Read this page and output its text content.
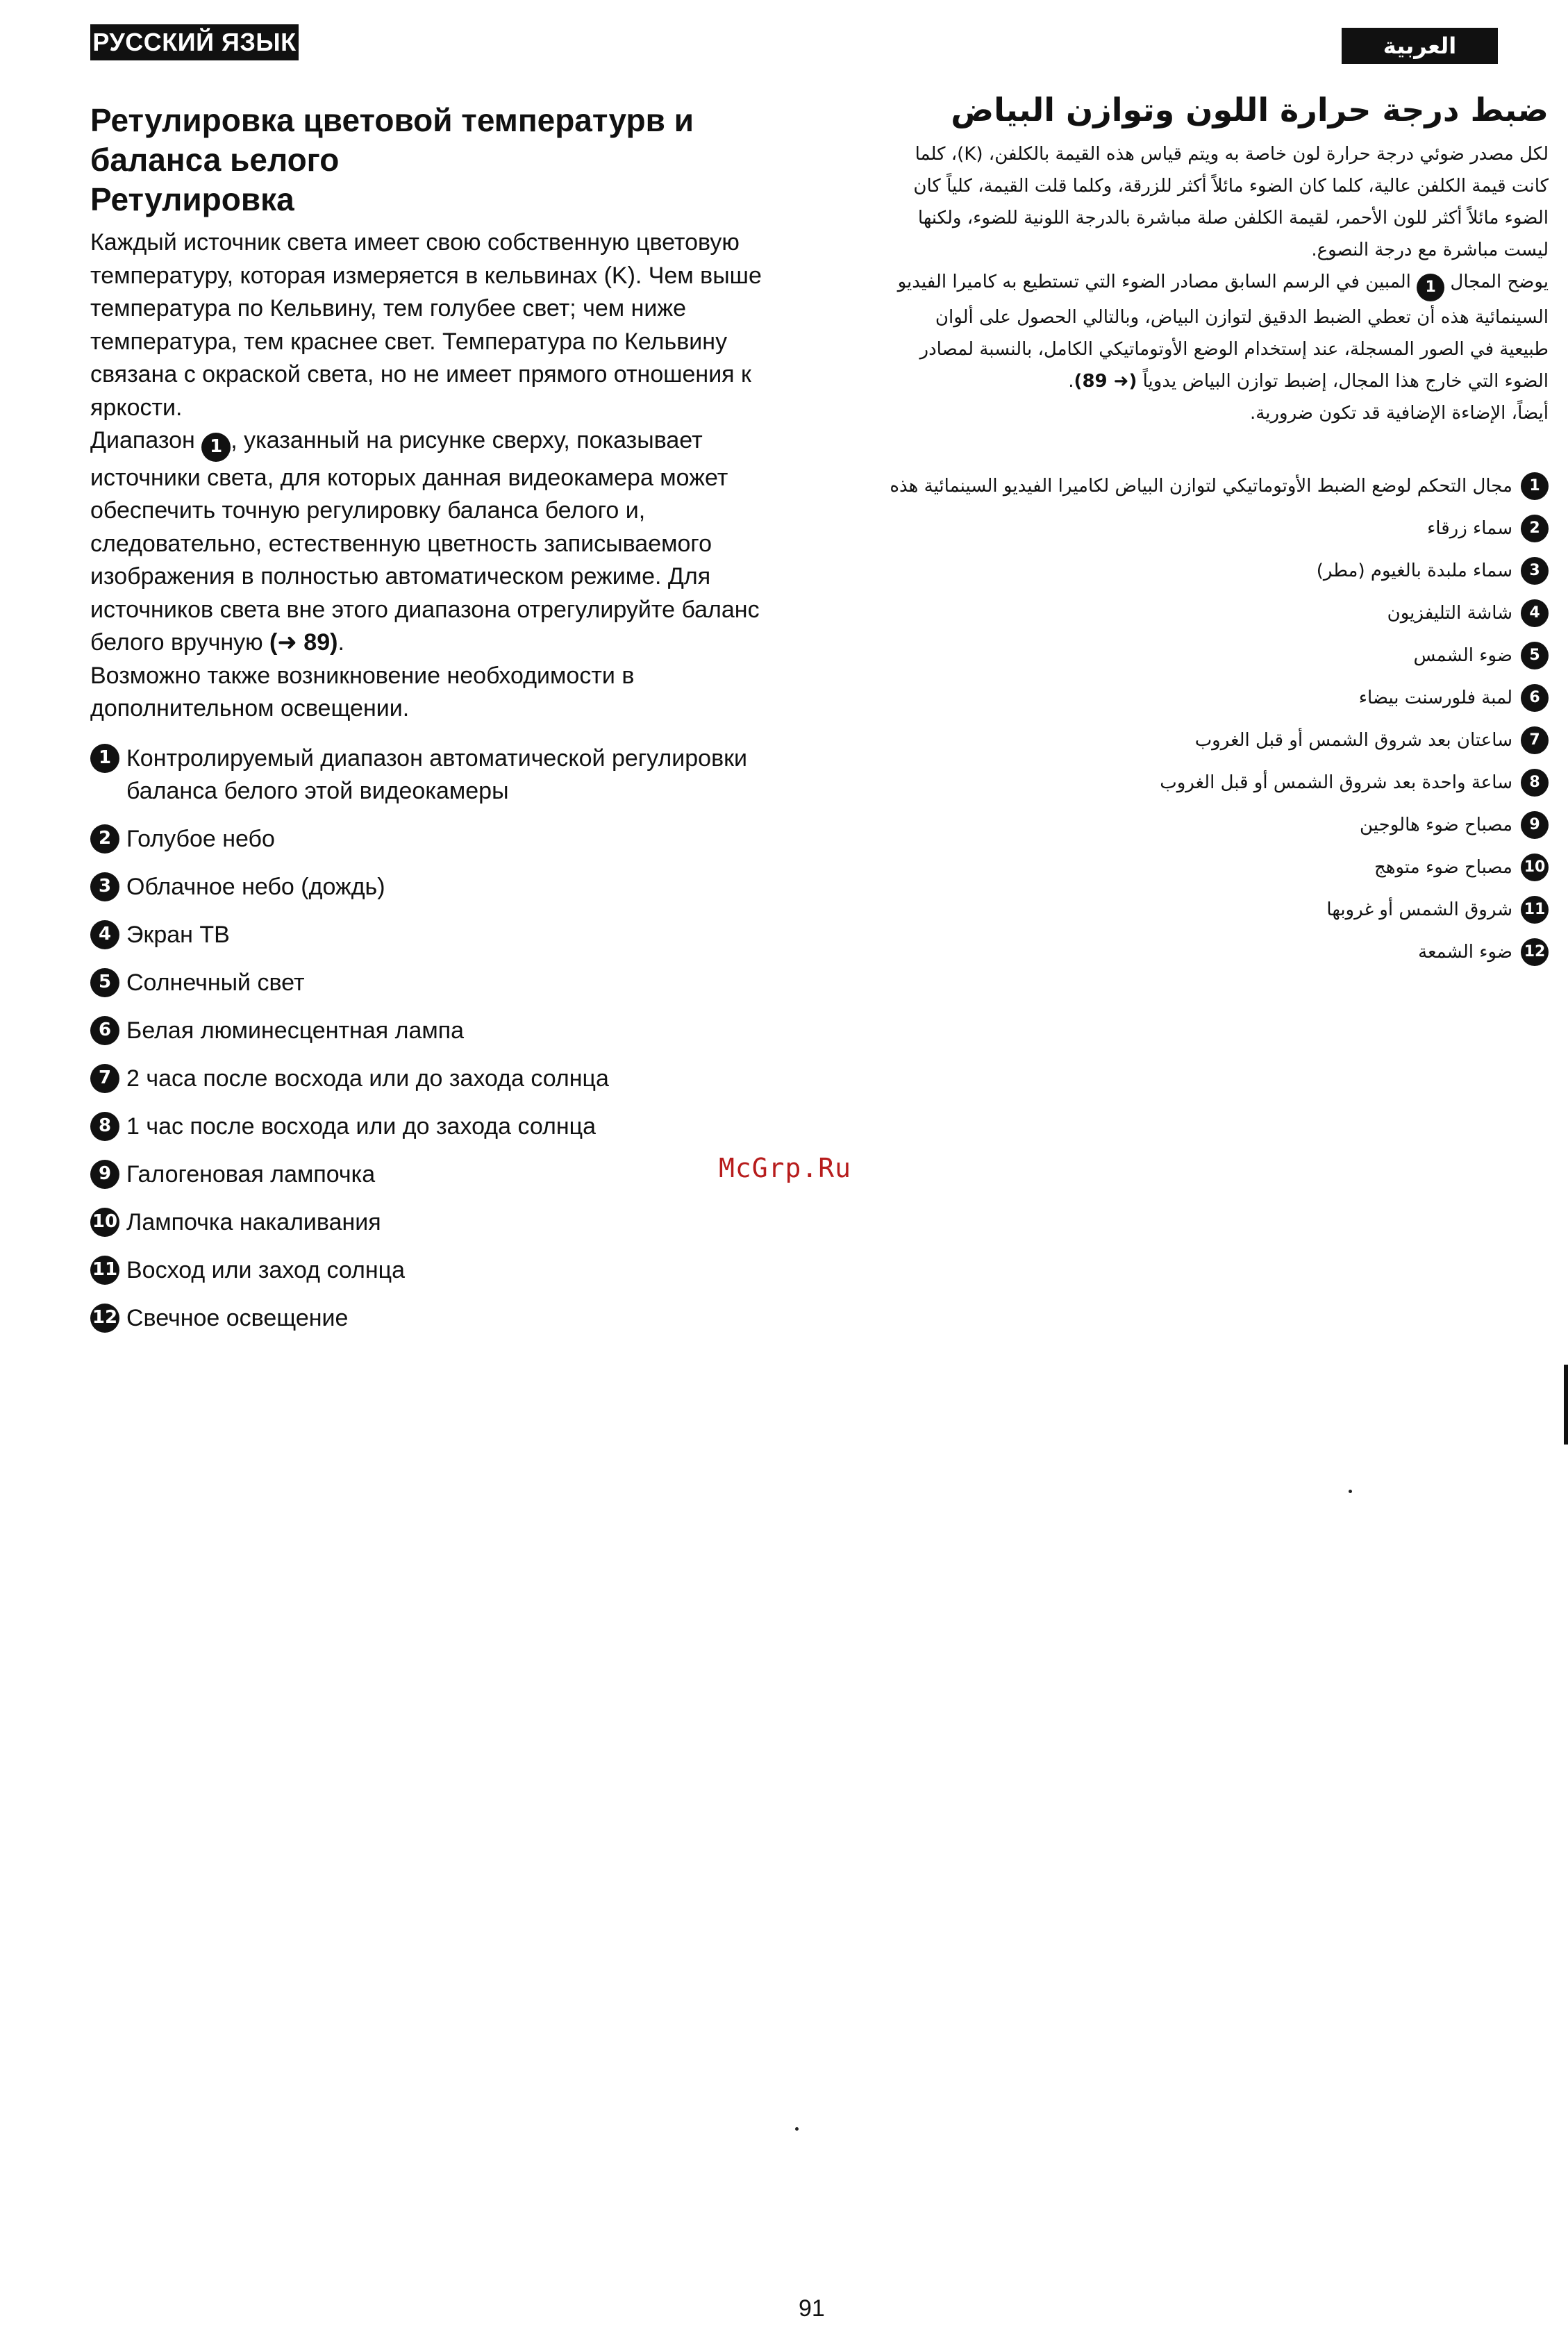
РУССКИЙ ЯЗЫК	العربية
Ретулировка цветовой температурв и
баланса ьелого
Ретулировка

Каждый источник света имеет свою собственную цветовую температуру, которая измеряется в кельвинах (K). Чем выше температура по Кельвину, тем голубее свет; чем ниже температура, тем краснее свет. Температура по Кельвину связана с окраской света, но не имеет прямого отношения к яркости.

Диапазон 1 , указанный на рисунке сверху, показывает источники света, для которых данная видеокамера может обеспечить точную регулировку баланса белого и, следовательно, естественную цветность записываемого изображения в полностью автоматическом режиме. Для источников света вне этого диапазона отрегулируйте баланс белого вручную (➜ 89).

Возможно также возникновение необходимости в дополнительном освещении.

1 Контролируемый диапазон автоматической регулировки баланса белого этой видеокамеры
2 Голубое небо
3 Облачное небо (дождь)
4 Экран ТВ
5 Солнечный свет
6 Белая люминесцентная лампа
7 2 часа после восхода или до захода солнца
8 1 час после восхода или до захода солнца
9 Галогеновая лампочка
10 Лампочка накаливания
11 Восход или заход солнца
12 Свечное освещение
ضبط درجة حرارة اللون وتوازن البياض

لكل مصدر ضوئي درجة حرارة لون خاصة به ويتم قياس هذه القيمة بالكلفن، (K)، كلما كانت قيمة الكلفن عالية، كلما كان الضوء مائلاً أكثر للزرقة، وكلما قلت القيمة، كلياً كان الضوء مائلاً أكثر للون الأحمر، لقيمة الكلفن صلة مباشرة بالدرجة اللونية للضوء، ولكنها ليست مباشرة مع درجة النصوع.

يوضح المجال 1 المبين في الرسم السابق مصادر الضوء التي تستطيع به كاميرا الفيديو السينمائية هذه أن تعطي الضبط الدقيق لتوازن البياض، وبالتالي الحصول على ألوان طبيعية في الصور المسجلة، عند إستخدام الوضع الأوتوماتيكي الكامل، بالنسبة لمصادر الضوء التي خارج هذا المجال، إضبط توازن البياض يدوياً (➜ 89).

أيضاً، الإضاءة الإضافية قد تكون ضرورية.

1
مجال التحكم لوضع الضبط الأوتوماتيكي لتوازن البياض لكاميرا الفيديو السينمائية هذه
2
سماء زرقاء
3
سماء ملبدة بالغيوم (مطر)
4
شاشة التليفزيون
5
ضوء الشمس
6
لمبة فلورسنت بيضاء
7
ساعتان بعد شروق الشمس أو قبل الغروب
8
ساعة واحدة بعد شروق الشمس أو قبل الغروب
9
مصباح ضوء هالوجين
10
مصباح ضوء متوهج
11
شروق الشمس أو غروبها
12
ضوء الشمعة
McGrp.Ru
91
